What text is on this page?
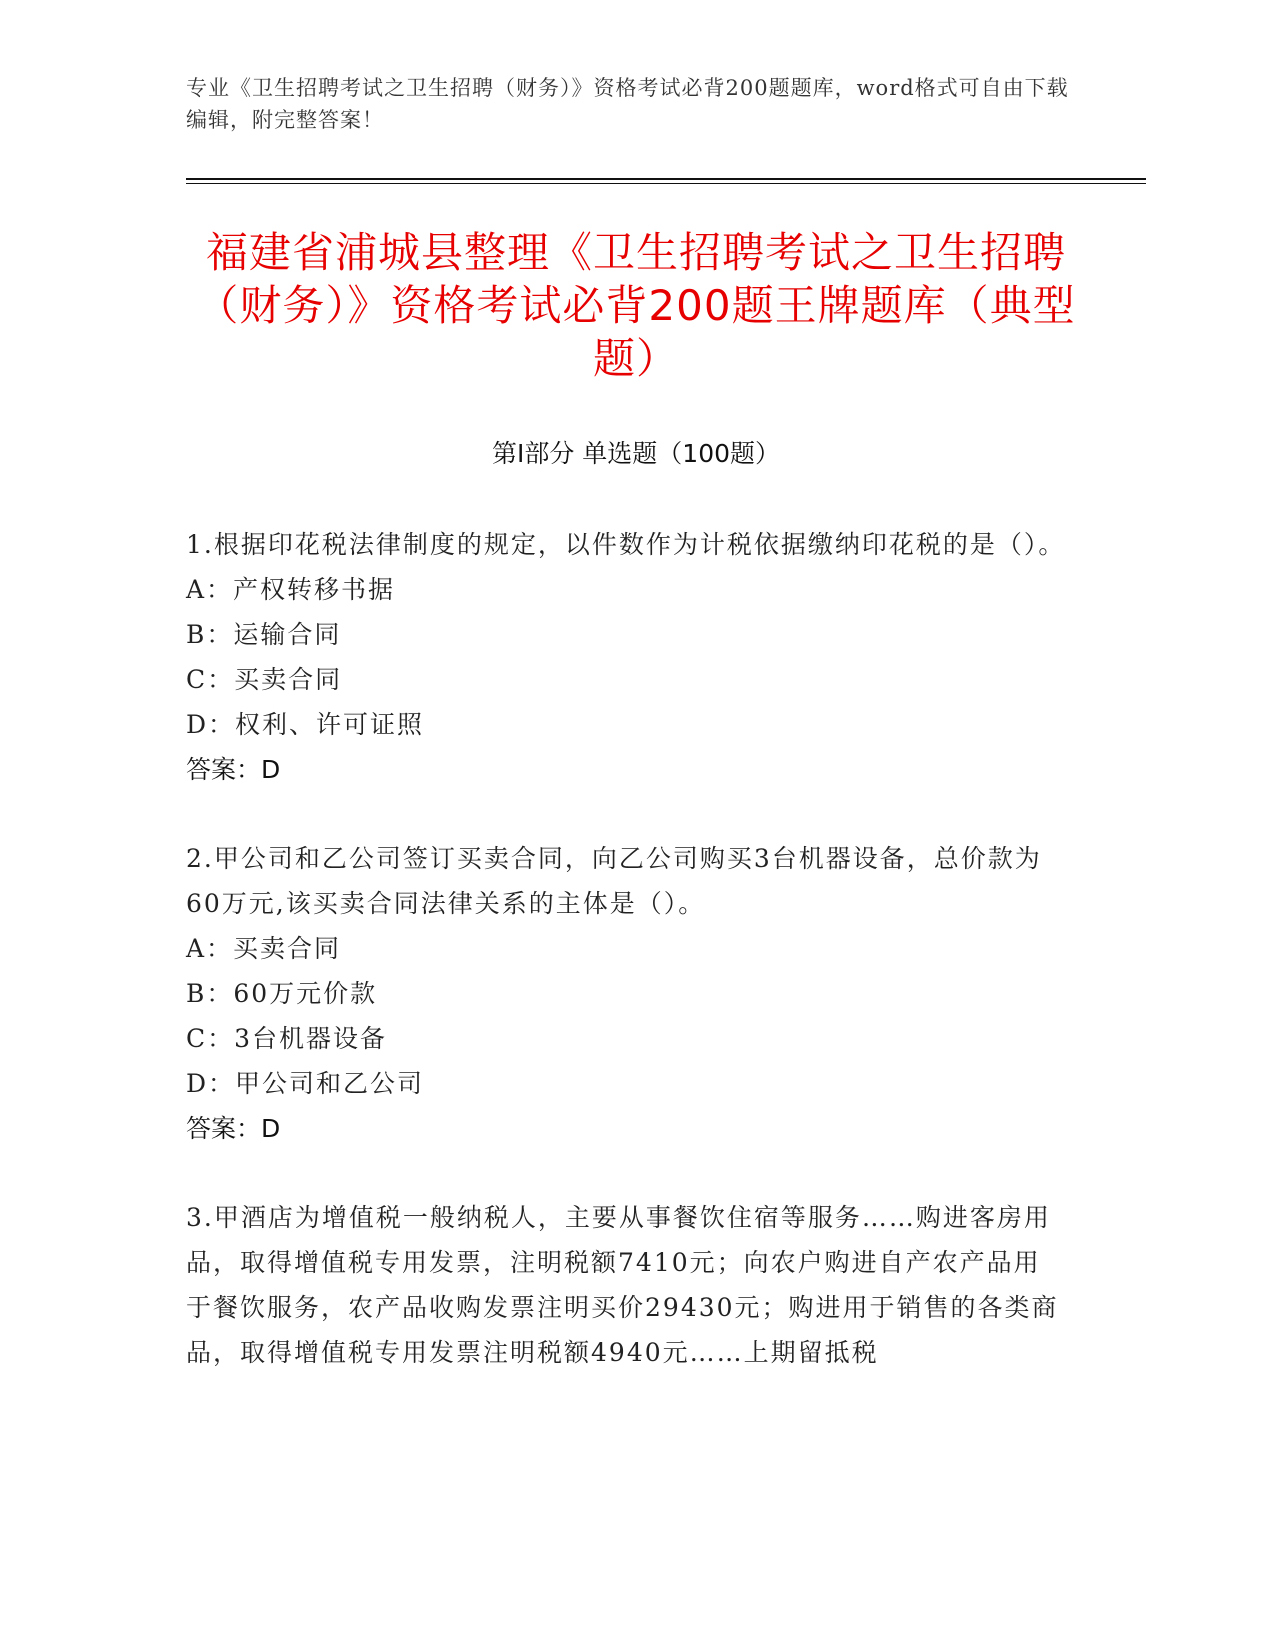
专业《卫生招聘考试之卫生招聘（财务）》资格考试必背200题题库，word格式可自由下载编辑，附完整答案！
福建省浦城县整理《卫生招聘考试之卫生招聘（财务）》资格考试必背200题王牌题库（典型题）
第I部分 单选题（100题）
1.根据印花税法律制度的规定，以件数作为计税依据缴纳印花税的是（）。
A：产权转移书据
B：运输合同
C：买卖合同
D：权利、许可证照
答案：D
2.甲公司和乙公司签订买卖合同，向乙公司购买3台机器设备，总价款为60万元,该买卖合同法律关系的主体是（）。
A：买卖合同
B：60万元价款
C：3台机器设备
D：甲公司和乙公司
答案：D
3.甲酒店为增值税一般纳税人，主要从事餐饮住宿等服务……购进客房用品，取得增值税专用发票，注明税额7410元；向农户购进自产农产品用于餐饮服务，农产品收购发票注明买价29430元；购进用于销售的各类商品，取得增值税专用发票注明税额4940元……上期留抵税
